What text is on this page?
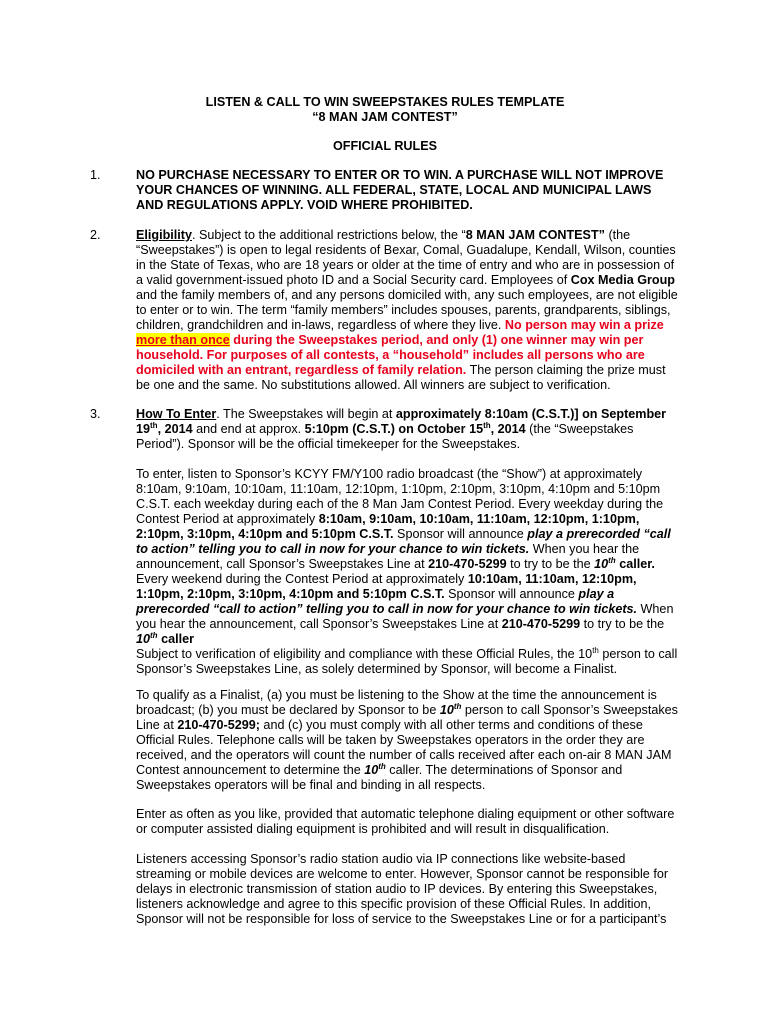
LISTEN & CALL TO WIN SWEEPSTAKES RULES TEMPLATE
“8 MAN JAM CONTEST”
OFFICIAL RULES
1.	NO PURCHASE NECESSARY TO ENTER OR TO WIN. A PURCHASE WILL NOT IMPROVE
YOUR CHANCES OF WINNING. ALL FEDERAL, STATE, LOCAL AND MUNICIPAL LAWS
AND REGULATIONS APPLY. VOID WHERE PROHIBITED.
2.	Eligibility. Subject to the additional restrictions below, the “8 MAN JAM CONTEST” (the
“Sweepstakes”) is open to legal residents of Bexar, Comal, Guadalupe, Kendall, Wilson, counties
in the State of Texas, who are 18 years or older at the time of entry and who are in possession of
a valid government-issued photo ID and a Social Security card. Employees of Cox Media Group
and the family members of, and any persons domiciled with, any such employees, are not eligible
to enter or to win. The term “family members” includes spouses, parents, grandparents, siblings,
children, grandchildren and in-laws, regardless of where they live. No person may win a prize
more than once during the Sweepstakes period, and only (1) one winner may win per
household. For purposes of all contests, a “household” includes all persons who are
domiciled with an entrant, regardless of family relation. The person claiming the prize must
be one and the same. No substitutions allowed. All winners are subject to verification.
3.	How To Enter. The Sweepstakes will begin at approximately 8:10am (C.S.T.)] on September
19th, 2014 and end at approx. 5:10pm (C.S.T.) on October 15th, 2014 (the “Sweepstakes
Period”). Sponsor will be the official timekeeper for the Sweepstakes.
To enter, listen to Sponsor’s KCYY FM/Y100 radio broadcast (the “Show”) at approximately
8:10am, 9:10am, 10:10am, 11:10am, 12:10pm, 1:10pm, 2:10pm, 3:10pm, 4:10pm and 5:10pm
C.S.T. each weekday during each of the 8 Man Jam Contest Period. Every weekday during the
Contest Period at approximately 8:10am, 9:10am, 10:10am, 11:10am, 12:10pm, 1:10pm,
2:10pm, 3:10pm, 4:10pm and 5:10pm C.S.T. Sponsor will announce play a prerecorded “call
to action” telling you to call in now for your chance to win tickets. When you hear the
announcement, call Sponsor’s Sweepstakes Line at 210-470-5299 to try to be the 10th caller.
Every weekend during the Contest Period at approximately 10:10am, 11:10am, 12:10pm,
1:10pm, 2:10pm, 3:10pm, 4:10pm and 5:10pm C.S.T. Sponsor will announce play a
prerecorded “call to action” telling you to call in now for your chance to win tickets. When
you hear the announcement, call Sponsor’s Sweepstakes Line at 210-470-5299 to try to be the
10th caller
Subject to verification of eligibility and compliance with these Official Rules, the 10th person to call
Sponsor’s Sweepstakes Line, as solely determined by Sponsor, will become a Finalist.
To qualify as a Finalist, (a) you must be listening to the Show at the time the announcement is
broadcast; (b) you must be declared by Sponsor to be 10th person to call Sponsor’s Sweepstakes
Line at 210-470-5299; and (c) you must comply with all other terms and conditions of these
Official Rules. Telephone calls will be taken by Sweepstakes operators in the order they are
received, and the operators will count the number of calls received after each on-air 8 MAN JAM
Contest announcement to determine the 10th caller. The determinations of Sponsor and
Sweepstakes operators will be final and binding in all respects.
Enter as often as you like, provided that automatic telephone dialing equipment or other software
or computer assisted dialing equipment is prohibited and will result in disqualification.
Listeners accessing Sponsor’s radio station audio via IP connections like website-based
streaming or mobile devices are welcome to enter. However, Sponsor cannot be responsible for
delays in electronic transmission of station audio to IP devices. By entering this Sweepstakes,
listeners acknowledge and agree to this specific provision of these Official Rules. In addition,
Sponsor will not be responsible for loss of service to the Sweepstakes Line or for a participant’s
